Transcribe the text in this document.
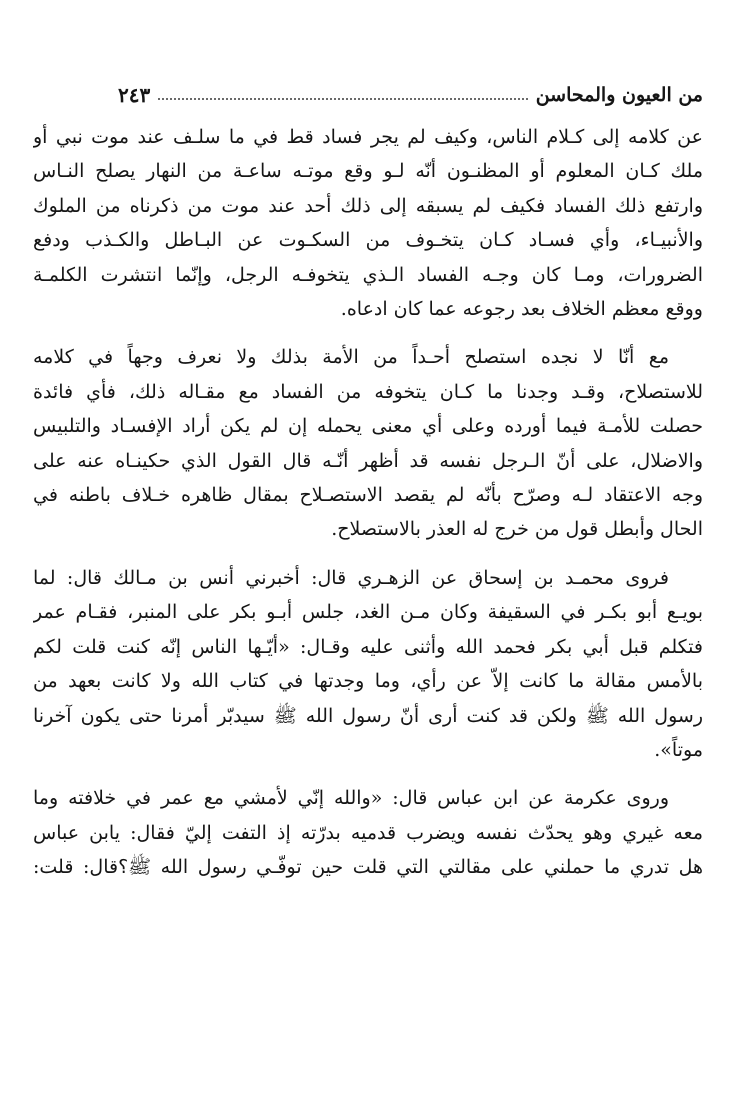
من العيون والمحاسن
٢٤٣
عن كلامه إلى كـلام الناس، وكيف لم يجر فساد قط في ما سلـف عند موت نبي أو
ملك كـان المعلوم أو المظنـون أنّه لـو وقع موتـه ساعـة من النهار يصلح النـاس
وارتفع ذلك الفساد فكيف لم يسبقه إلى ذلك أحد عند موت من ذكرناه من الملوك
والأنبيـاء، وأي فسـاد كـان يتخـوف من السكـوت عن البـاطل والكـذب ودفع
الضرورات، ومـا كان وجـه الفساد الـذي يتخوفـه الرجل، وإنّما انتشرت الكلمـة
ووقع معظم الخلاف بعد رجوعه عما كان ادعاه.
مع أنّا لا نجده استصلح أحـداً من الأمة بذلك ولا نعرف وجهاً في كلامه
للاستصلاح، وقـد وجدنا ما كـان يتخوفه من الفساد مع مقـاله ذلك، فأي فائدة
حصلت للأمـة فيما أورده وعلى أي معنى يحمله إن لم يكن أراد الإفسـاد والتلبيس
والاضلال، على أنّ الـرجل نفسه قد أظهر أنّـه قال القول الذي حكينـاه عنه على
وجه الاعتقاد لـه وصرّح بأنّه لم يقصد الاستصـلاح بمقال ظاهره خـلاف باطنه في
الحال وأبطل قول من خرج له العذر بالاستصلاح.
فروى محمـد بن إسحاق عن الزهـري قال: أخبرني أنس بن مـالك قال: لما
بويـع أبو بكـر في السقيفة وكان مـن الغد، جلس أبـو بكر على المنبر، فقـام عمر
فتكلم قبل أبي بكر فحمد الله وأثنى عليه وقـال: «أيّـها الناس إنّه كنت قلت لكم
بالأمس مقالة ما كانت إلاّ عن رأي، وما وجدتها في كتاب الله ولا كانت بعهد من
رسول الله ﷺ ولكن قد كنت أرى أنّ رسول الله ﷺ سيدبّر أمرنا حتى يكون آخرنا
موتاً».
وروى عكرمة عن ابن عباس قال: «والله إنّي لأمشي مع عمر في خلافته وما
معه غيري وهو يحدّث نفسه ويضرب قدميه بدرّته إذ التفت إليّ فقال: يابن عباس
هل تدري ما حملني على مقالتي التي قلت حين توفّـي رسول الله ﷺ؟قال: قلت:
